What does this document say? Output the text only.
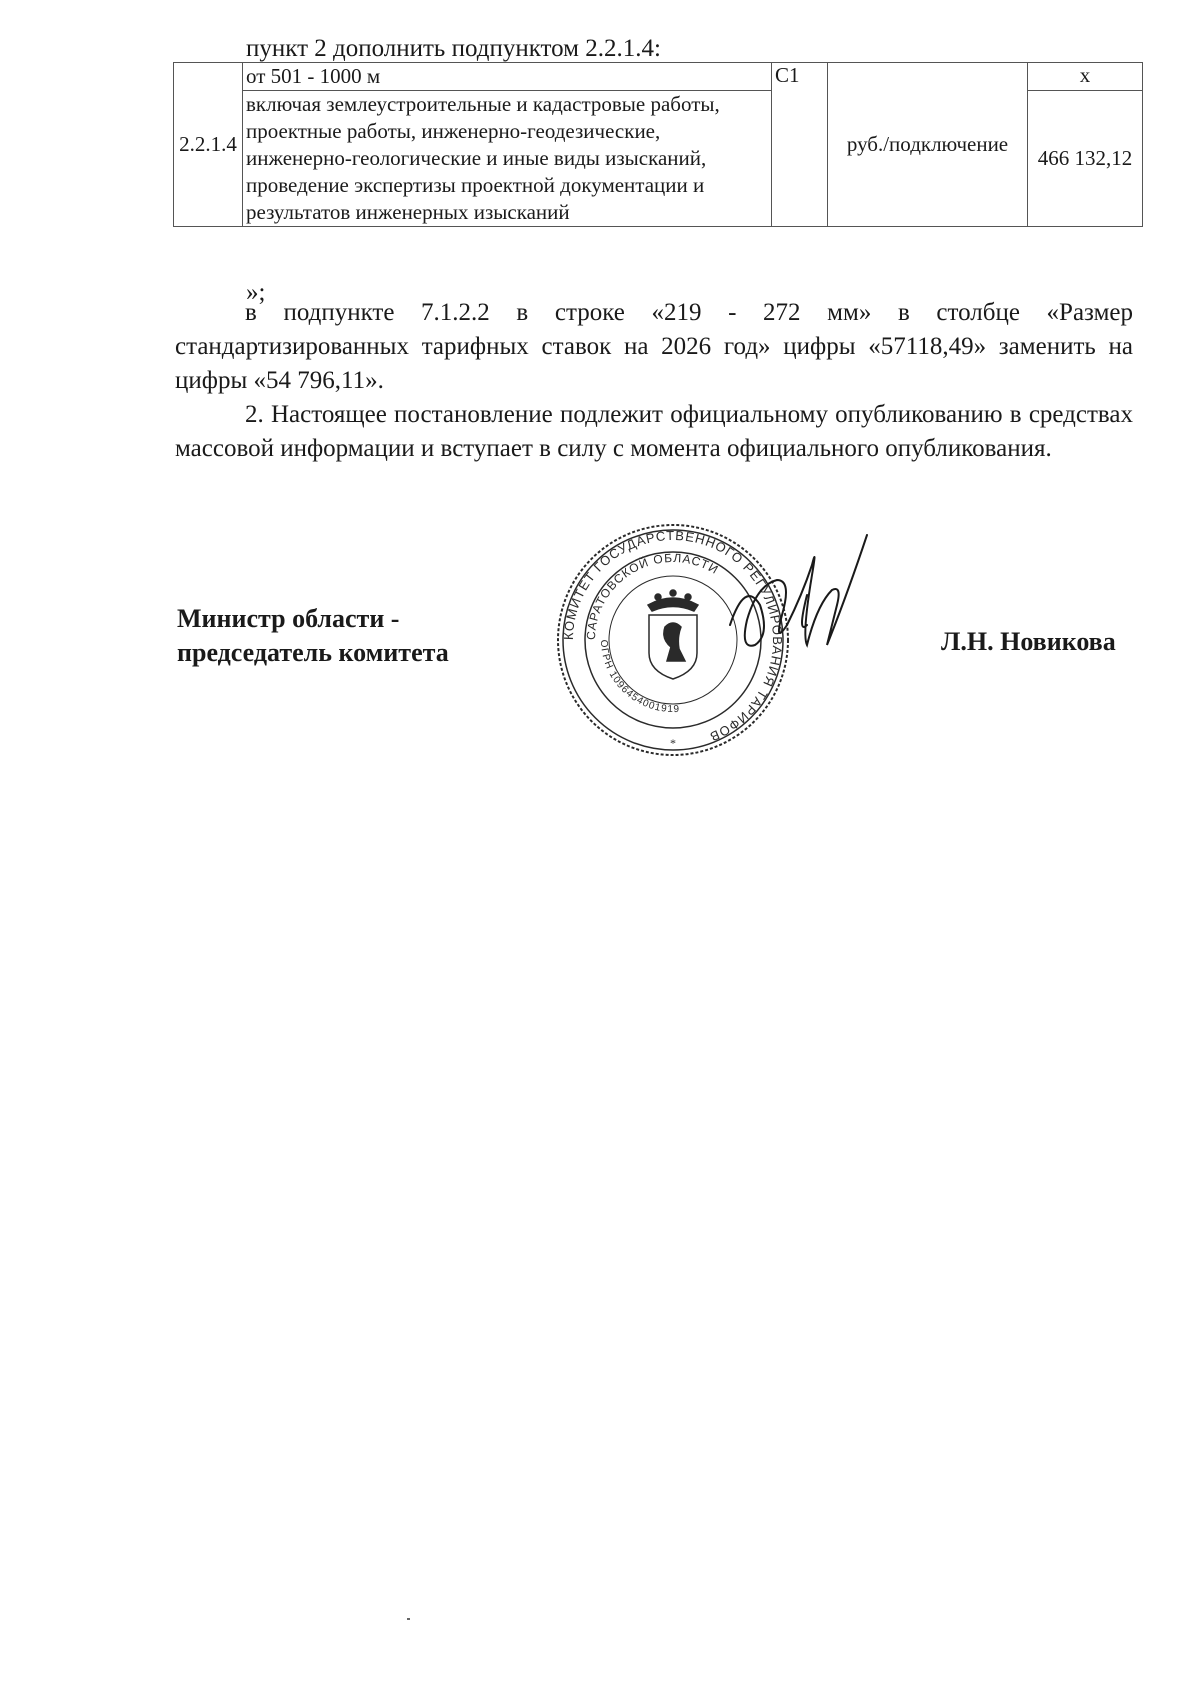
пункт 2 дополнить подпунктом 2.2.1.4:

2.2.1.4	от 501 - 1000 м	С1	руб./подключение	х
	включая землеустроительные и кадастровые работы, проектные работы, инженерно-геодезические, инженерно-геологические и иные виды изысканий, проведение экспертизы проектной документации и результатов инженерных изысканий			466 132,12

»;

в подпункте 7.1.2.2 в строке «219 - 272 мм» в столбце «Размер стандартизированных тарифных ставок на 2026 год» цифры «57118,49» заменить на цифры «54 796,11».

2. Настоящее постановление подлежит официальному опубликованию в средствах массовой информации и вступает в силу с момента официального опубликования.

Министр области -
председатель комитета
КОМИТЕТ ГОСУДАРСТВЕННОГО РЕГУЛИРОВАНИЯ ТАРИФОВ
САРАТОВСКОЙ ОБЛАСТИ
ОГРН 1096454001919
*

Л.Н. Новикова
